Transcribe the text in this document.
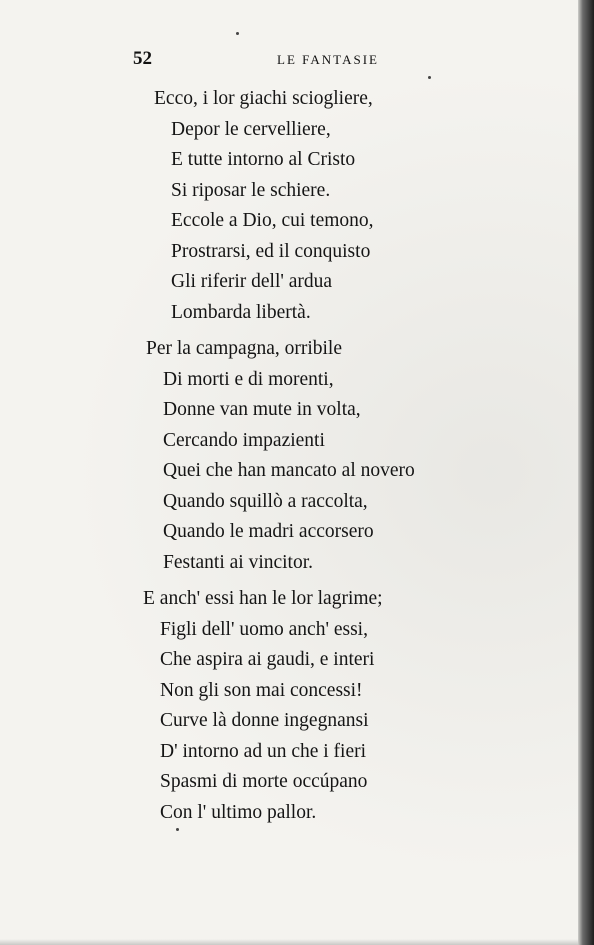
52	LE FANTASIE
Ecco, i lor giachi sciogliere,
Depor le cervelliere,
E tutte intorno al Cristo
Si riposar le schiere.
Eccole a Dio, cui temono,
Prostrarsi, ed il conquisto
Gli riferir dell' ardua
Lombarda libertà.
Per la campagna, orribile
Di morti e di morenti,
Donne van mute in volta,
Cercando impazienti
Quei che han mancato al novero
Quando squillò a raccolta,
Quando le madri accorsero
Festanti ai vincitor.
E anch' essi han le lor lagrime;
Figli dell' uomo anch' essi,
Che aspira ai gaudi, e interi
Non gli son mai concessi!
Curve là donne ingegnansi
D' intorno ad un che i fieri
Spasmi di morte occúpano
Con l' ultimo pallor.
